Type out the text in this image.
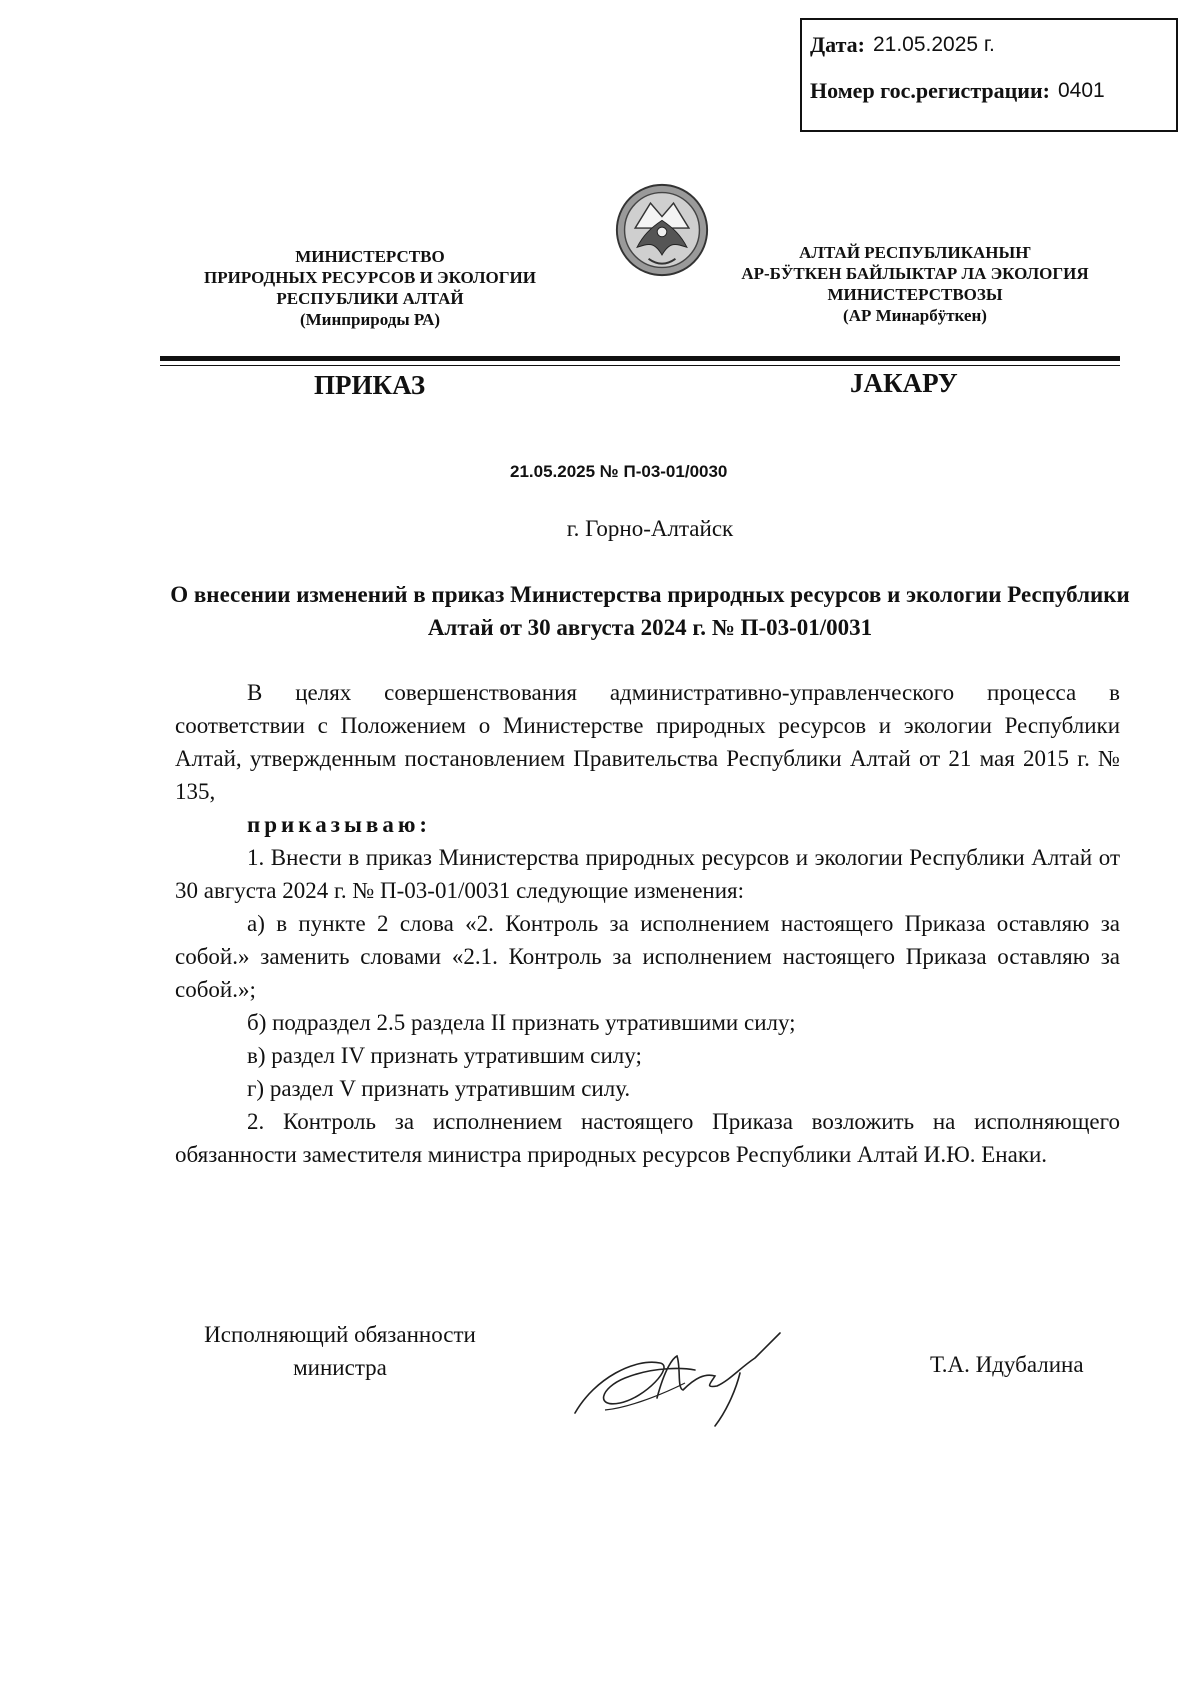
Дата: 21.05.2025 г.
Номер гос.регистрации: 0401
МИНИСТЕРСТВО
ПРИРОДНЫХ РЕСУРСОВ И ЭКОЛОГИИ
РЕСПУБЛИКИ АЛТАЙ
(Минприроды РА)
АЛТАЙ РЕСПУБЛИКАНЫҤ
АР-БӰТКЕН БАЙЛЫКТАР ЛА ЭКОЛОГИЯ
МИНИСТЕРСТВОЗЫ
(АР Минарбӱткен)
ПРИКАЗ	JАКАРУ
21.05.2025 № П-03-01/0030
г. Горно-Алтайск
О внесении изменений в приказ Министерства природных ресурсов и экологии Республики Алтай от 30 августа 2024 г. № П-03-01/0031

В целях совершенствования административно-управленческого процесса в соответствии с Положением о Министерстве природных ресурсов и экологии Республики Алтай, утвержденным постановлением Правительства Республики Алтай от 21 мая 2015 г. № 135,

приказываю:

1. Внести в приказ Министерства природных ресурсов и экологии Республики Алтай от 30 августа 2024 г. № П-03-01/0031 следующие изменения:

а) в пункте 2 слова «2. Контроль за исполнением настоящего Приказа оставляю за собой.» заменить словами «2.1. Контроль за исполнением настоящего Приказа оставляю за собой.»;

б) подраздел 2.5 раздела II признать утратившими силу;

в) раздел IV признать утратившим силу;

г) раздел V признать утратившим силу.

2. Контроль за исполнением настоящего Приказа возложить на исполняющего обязанности заместителя министра природных ресурсов Республики Алтай И.Ю. Енаки.

Исполняющий обязанности
министра	Т.А. Идубалина
